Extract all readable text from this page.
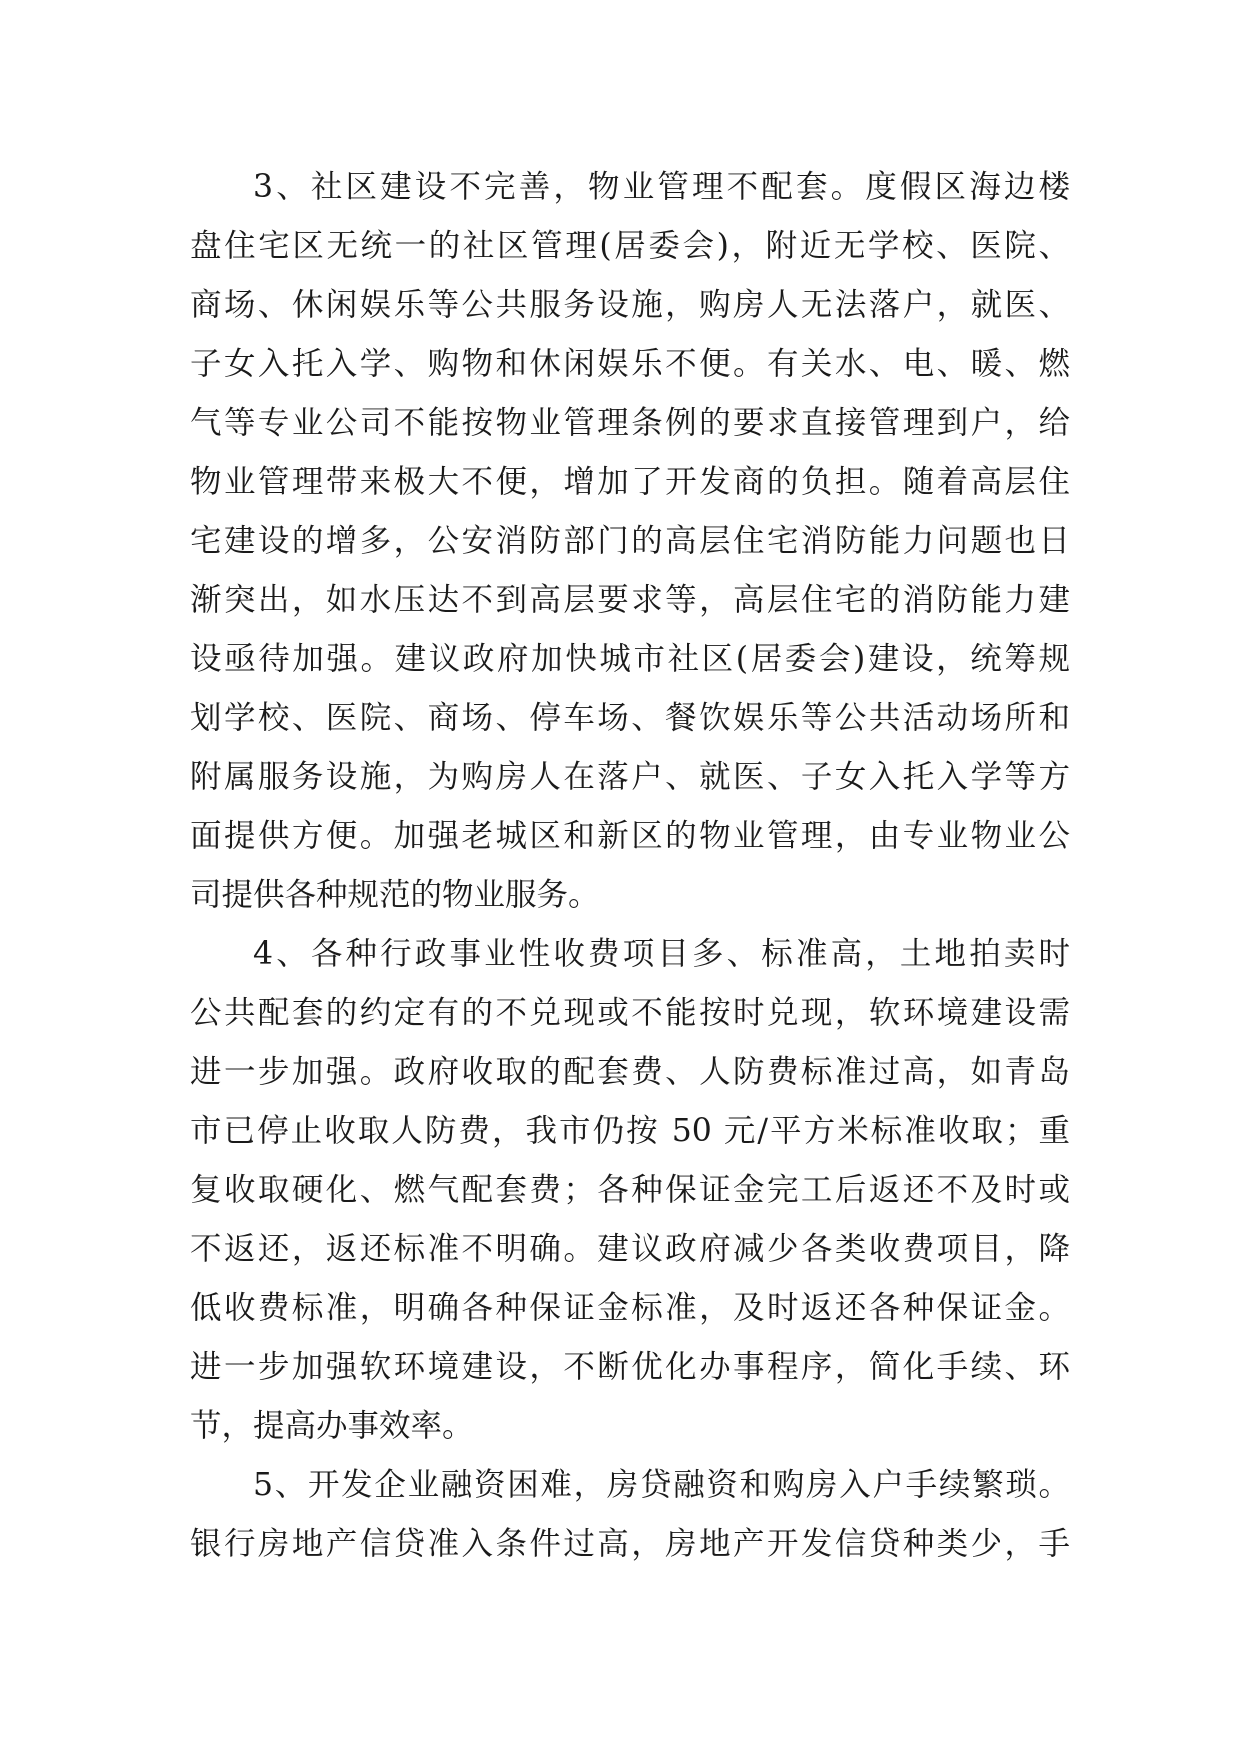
3、社区建设不完善，物业管理不配套。度假区海边楼
盘住宅区无统一的社区管理(居委会)，附近无学校、医院、
商场、休闲娱乐等公共服务设施，购房人无法落户，就医、
子女入托入学、购物和休闲娱乐不便。有关水、电、暖、燃
气等专业公司不能按物业管理条例的要求直接管理到户，给
物业管理带来极大不便，增加了开发商的负担。随着高层住
宅建设的增多，公安消防部门的高层住宅消防能力问题也日
渐突出，如水压达不到高层要求等，高层住宅的消防能力建
设亟待加强。建议政府加快城市社区(居委会)建设，统筹规
划学校、医院、商场、停车场、餐饮娱乐等公共活动场所和
附属服务设施，为购房人在落户、就医、子女入托入学等方
面提供方便。加强老城区和新区的物业管理，由专业物业公
司提供各种规范的物业服务。
4、各种行政事业性收费项目多、标准高，土地拍卖时
公共配套的约定有的不兑现或不能按时兑现，软环境建设需
进一步加强。政府收取的配套费、人防费标准过高，如青岛
市已停止收取人防费，我市仍按 50 元/平方米标准收取；重
复收取硬化、燃气配套费；各种保证金完工后返还不及时或
不返还，返还标准不明确。建议政府减少各类收费项目，降
低收费标准，明确各种保证金标准，及时返还各种保证金。
进一步加强软环境建设，不断优化办事程序，简化手续、环
节，提高办事效率。
5、开发企业融资困难，房贷融资和购房入户手续繁琐。
银行房地产信贷准入条件过高，房地产开发信贷种类少，手
